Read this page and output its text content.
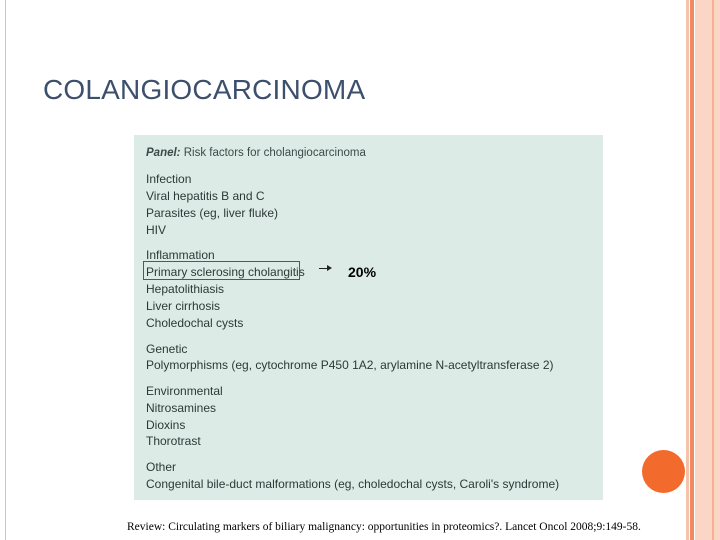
COLANGIOCARCINOMA
Panel: Risk factors for cholangiocarcinoma
Infection
Viral hepatitis B and C
Parasites (eg, liver fluke)
HIV
Inflammation
Primary sclerosing cholangitis
Hepatolithiasis
Liver cirrhosis
Choledochal cysts
Genetic
Polymorphisms (eg, cytochrome P450 1A2, arylamine N-acetyltransferase 2)
Environmental
Nitrosamines
Dioxins
Thorotrast
Other
Congenital bile-duct malformations (eg, choledochal cysts, Caroli's syndrome)
20%
Review: Circulating markers of biliary malignancy: opportunities in proteomics?. Lancet Oncol 2008;9:149-58.
